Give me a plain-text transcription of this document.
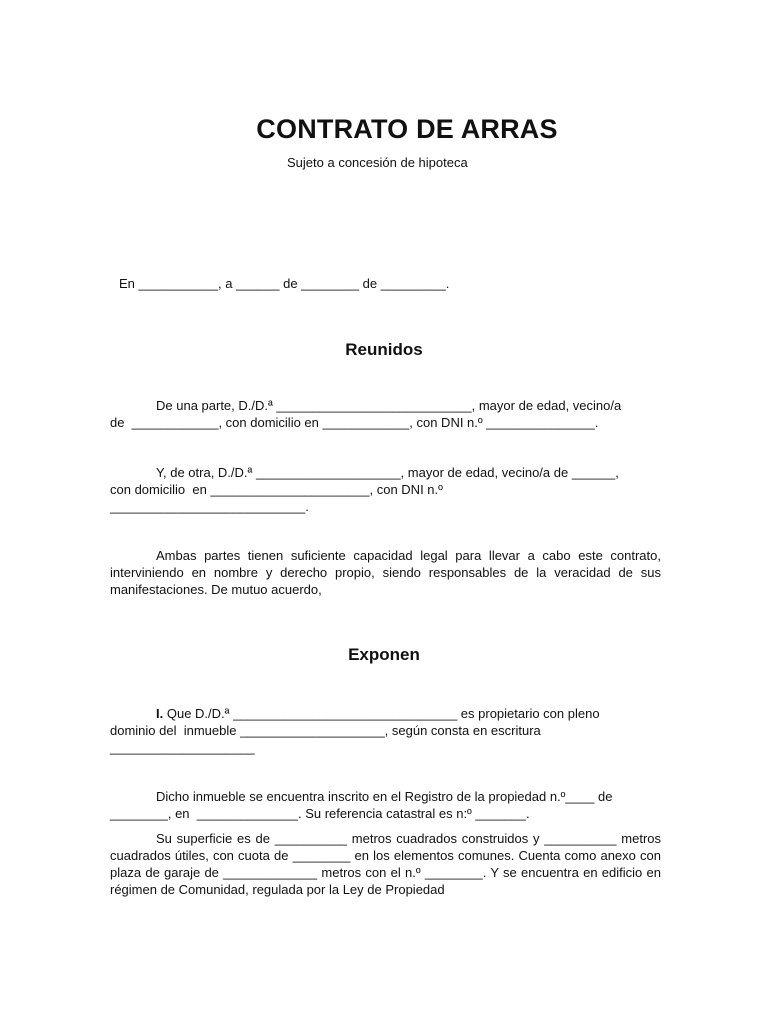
CONTRATO DE ARRAS
Sujeto a concesión de hipoteca
En ___________, a ______ de ________ de _________.
Reunidos

De una parte, D./D.ª ___________________________, mayor de edad, vecino/a

de  ____________, con domicilio en ____________, con DNI n.º _______________.

Y, de otra, D./D.ª ____________________, mayor de edad, vecino/a de ______,

con domicilio  en ______________________, con DNI n.º

___________________________.

Ambas partes tienen suficiente capacidad legal para llevar a cabo este contrato, interviniendo en nombre y derecho propio, siendo responsables de la veracidad de sus manifestaciones. De mutuo acuerdo,

Exponen

I. Que D./D.ª _______________________________ es propietario con pleno

dominio del  inmueble ____________________, según consta en escritura

____________________

Dicho inmueble se encuentra inscrito en el Registro de la propiedad n.º____ de

________, en  ______________. Su referencia catastral es n:º _______.

Su superficie es de __________ metros cuadrados construidos y __________ metros cuadrados útiles, con cuota de ________ en los elementos comunes. Cuenta como anexo con plaza de garaje de _____________ metros con el n.º ________. Y se encuentra en edificio en régimen de Comunidad, regulada por la Ley de Propiedad
